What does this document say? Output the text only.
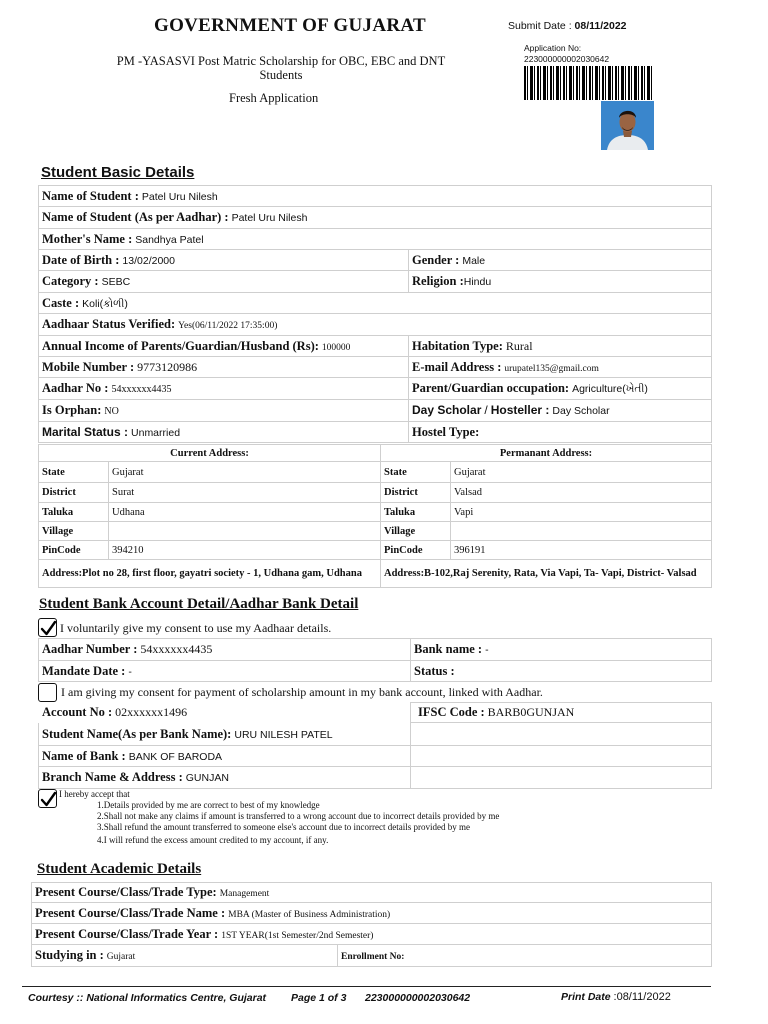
GOVERNMENT OF GUJARAT
PM -YASASVI Post Matric Scholarship for OBC, EBC and DNT Students
Fresh Application
Submit Date : 08/11/2022
Application No:
223000000002030642
Student Basic Details
Name of Student : Patel Uru Nilesh	
Name of Student (As per Aadhar) : Patel Uru Nilesh	
Mother's Name : Sandhya Patel	
Date of Birth : 13/02/2000	Gender : Male
Category : SEBC	Religion :Hindu
Caste : Koli(કોળી)	
Aadhaar Status Verified: Yes(06/11/2022 17:35:00)	
Annual Income of Parents/Guardian/Husband (Rs): 100000	Habitation Type: Rural
Mobile Number : 9773120986	E-mail Address : urupatel135@gmail.com
Aadhar No : 54xxxxxx4435	Parent/Guardian occupation: Agriculture(ખેતી)
Is Orphan: NO	Day Scholar / Hosteller : Day Scholar
Marital Status : Unmarried	Hostel Type:
Current Address:	
State	Gujarat
District	Surat
Taluka	Udhana
Village	
PinCode	394210
Address:Plot no 28, first floor, gayatri society - 1, Udhana gam, Udhana	
Permanant Address:	
State	Gujarat
District	Valsad
Taluka	Vapi
Village	
PinCode	396191
Address:B-102,Raj Serenity, Rata, Via Vapi, Ta- Vapi, District- Valsad	
Student Bank Account Detail/Aadhar Bank Detail
I voluntarily give my consent to use my Aadhaar details.
Aadhar Number : 54xxxxxx4435	Bank name : -
Mandate Date : -	Status :
I am giving my consent for payment of scholarship amount in my bank account, linked with Aadhar.
Account No : 02xxxxxx1496	IFSC Code : BARB0GUNJAN
Student Name(As per Bank Name): URU NILESH PATEL	
Name of Bank : BANK OF BARODA	
Branch Name & Address : GUNJAN	
I hereby accept that
1.Details provided by me are correct to best of my knowledge
2.Shall not make any claims if amount is transferred to a wrong account due to incorrect details provided by me
3.Shall refund the amount transferred to someone else's account due to incorrect details provided by me
4.I will refund the excess amount credited to my account, if any.
Student Academic Details
Present Course/Class/Trade Type: Management
Present Course/Class/Trade Name : MBA (Master of Business Administration)
Present Course/Class/Trade Year : 1ST YEAR(1st Semester/2nd Semester)
Studying in : Gujarat	Enrollment No:
Courtesy :: National Informatics Centre, Gujarat Page 1 of 3 223000000002030642	Print Date :08/11/2022
